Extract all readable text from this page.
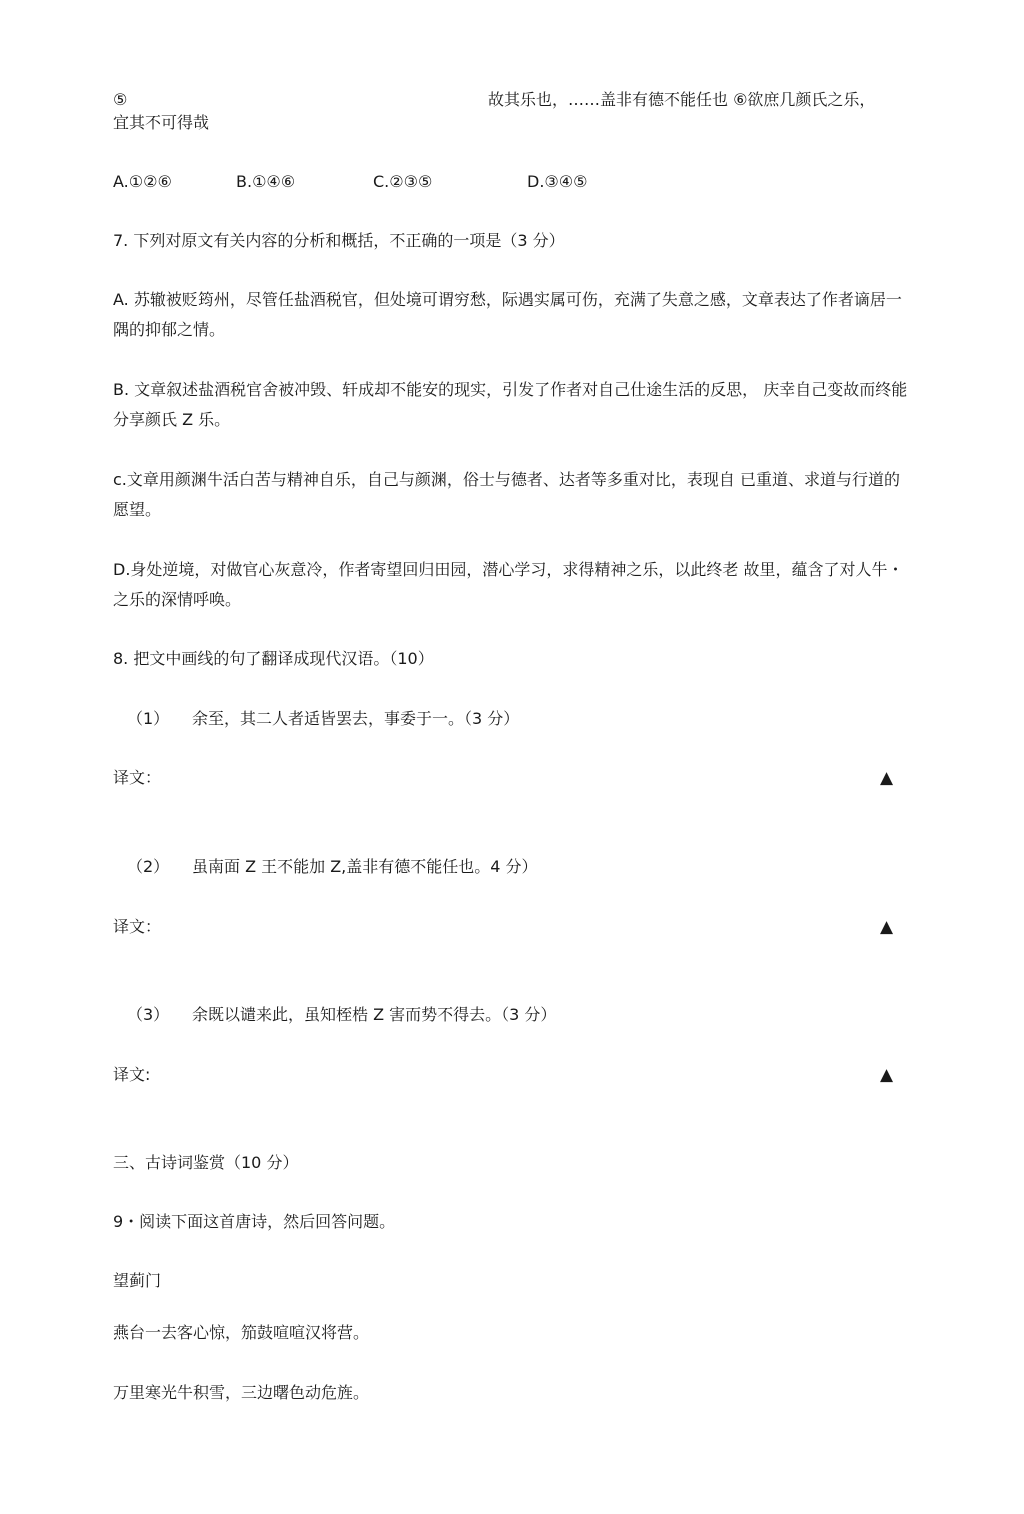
⑤	故其乐也，……盖非有德不能任也 ⑥欲庶几颜氏之乐，
宜其不可得哉
A.①②⑥	B.①④⑥	C.②③⑤	D.③④⑤
7. 下列对原文有关内容的分析和概括，不正确的一项是（3 分）
A. 苏辙被贬筠州，尽管任盐酒税官，但处境可谓穷愁，际遇实属可伤，充满了失意之感，文章表达了作者谪居一隅的抑郁之情。
B. 文章叙述盐酒税官舍被冲毁、轩成却不能安的现实，引发了作者对自己仕途生活的反思， 庆幸自己变故而终能分享颜氏 Z 乐。
c.文章用颜渊牛活白苦与精神自乐，自己与颜渊，俗士与德者、达者等多重对比，表现自 已重道、求道与行道的愿望。
D.身处逆境，对做官心灰意冷，作者寄望回归田园，潜心学习，求得精神之乐，以此终老 故里，蕴含了对人牛・之乐的深情呼唤。
8. 把文中画线的句了翻译成现代汉语。（10）
（1） 余至，其二人者适皆罢去，事委于一。（3 分）
译文：	▲
（2） 虽南面 Z 王不能加 Z,盖非有德不能任也。4 分）
译文：	▲
（3） 余既以谴来此，虽知桎梏 Z 害而势不得去。（3 分）
译文:	▲
三、古诗词鉴赏（10 分）
9・阅读下面这首唐诗，然后回答问题。
望蓟门
燕台一去客心惊，笳鼓喧喧汉将营。
万里寒光牛积雪，三边曙色动危旌。
